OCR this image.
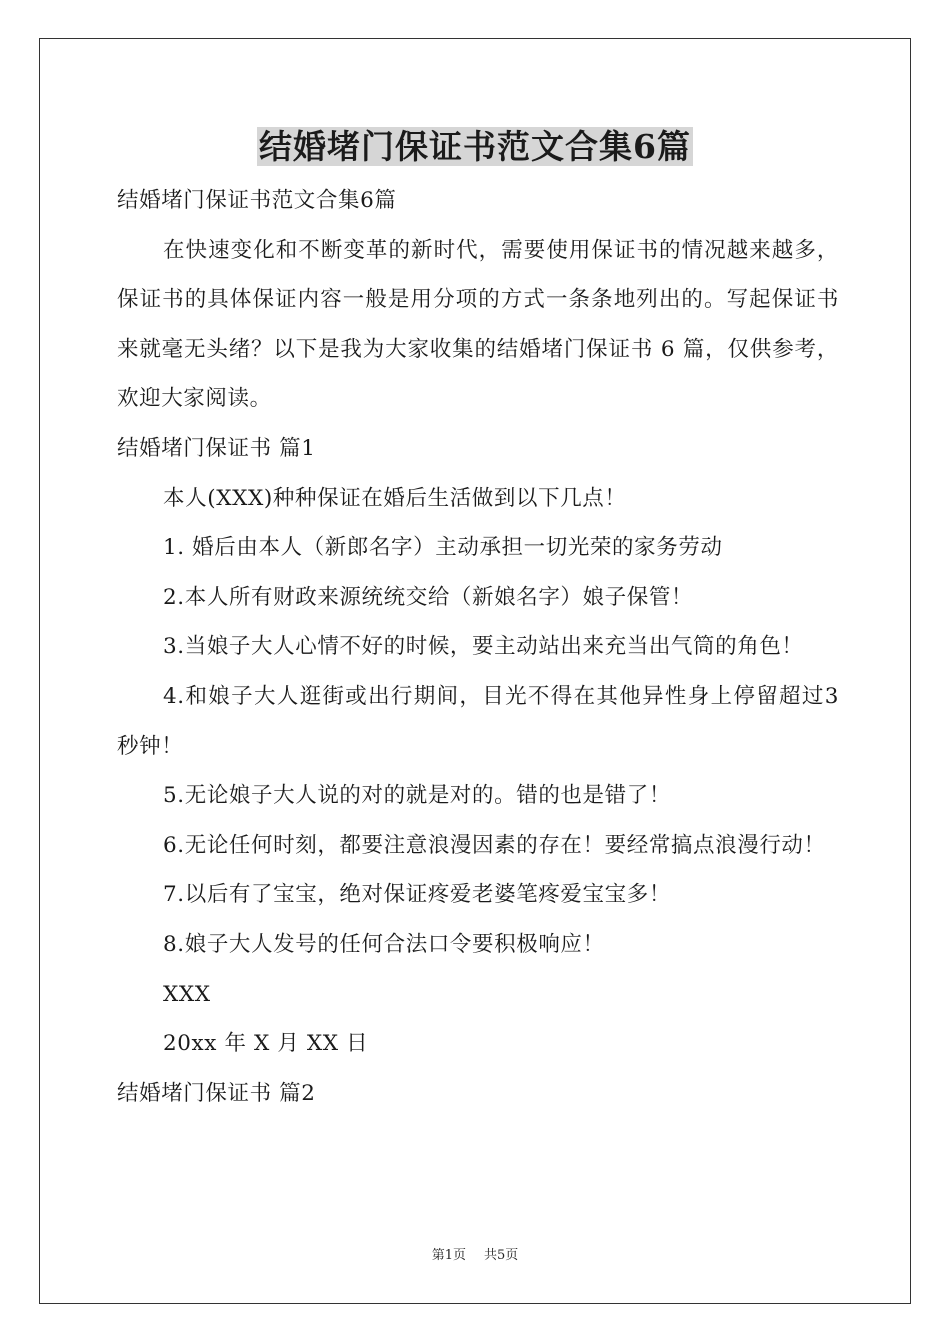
结婚堵门保证书范文合集6篇

结婚堵门保证书范文合集6篇

在快速变化和不断变革的新时代，需要使用保证书的情况越来越多，保证书的具体保证内容一般是用分项的方式一条条地列出的。写起保证书来就毫无头绪？以下是我为大家收集的结婚堵门保证书 6 篇，仅供参考，欢迎大家阅读。

结婚堵门保证书 篇1

本人(XXX)种种保证在婚后生活做到以下几点！

1. 婚后由本人（新郎名字）主动承担一切光荣的家务劳动

2.本人所有财政来源统统交给（新娘名字）娘子保管！

3.当娘子大人心情不好的时候，要主动站出来充当出气筒的角色！

4.和娘子大人逛街或出行期间，目光不得在其他异性身上停留超过3秒钟！

5.无论娘子大人说的对的就是对的。错的也是错了！

6.无论任何时刻，都要注意浪漫因素的存在！要经常搞点浪漫行动！

7.以后有了宝宝，绝对保证疼爱老婆笔疼爱宝宝多！

8.娘子大人发号的任何合法口令要积极响应！

XXX

20xx 年 X 月 XX 日

结婚堵门保证书 篇2

第1页 共5页
